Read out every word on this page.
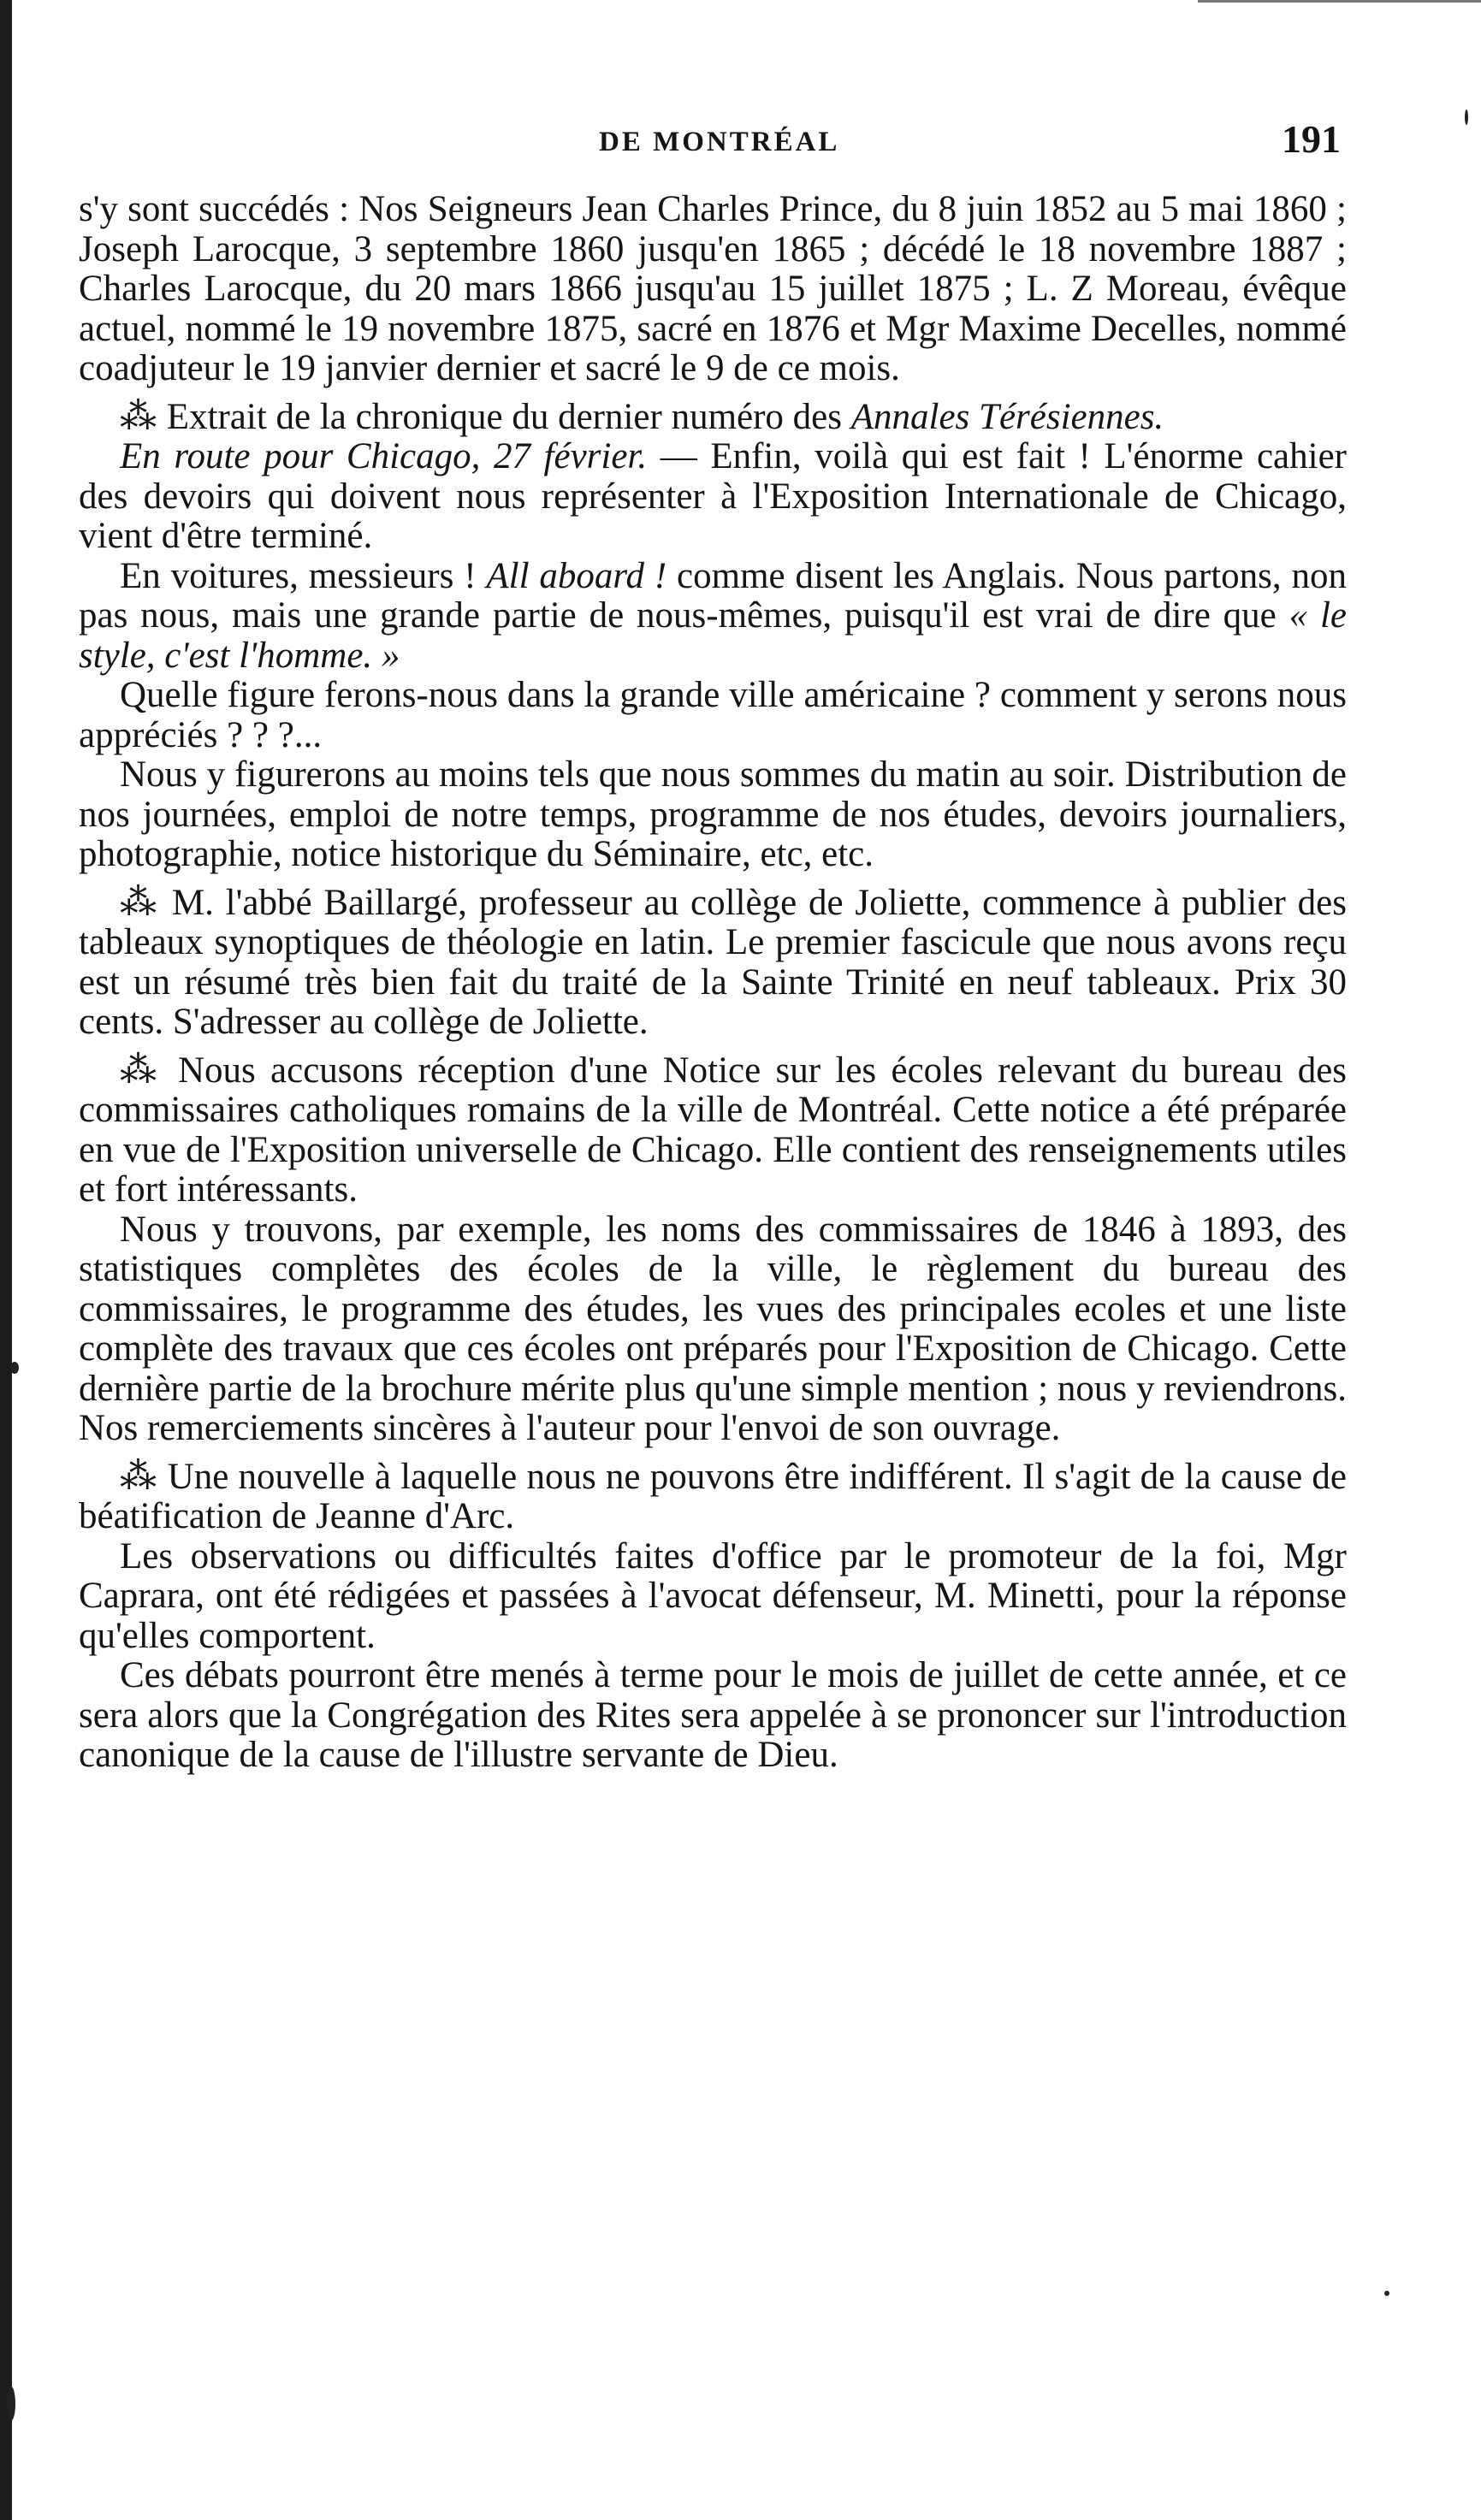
DE MONTRÉAL	191

s'y sont succédés : Nos Seigneurs Jean Charles Prince, du 8 juin 1852 au 5 mai 1860 ; Joseph Larocque, 3 septembre 1860 jusqu'en 1865 ; décédé le 18 novembre 1887 ; Charles Larocque, du 20 mars 1866 jusqu'au 15 juillet 1875 ; L. Z Moreau, évêque actuel, nommé le 19 novembre 1875, sacré en 1876 et Mgr Maxime Decelles, nommé coadjuteur le 19 janvier dernier et sacré le 9 de ce mois.

⁂ Extrait de la chronique du dernier numéro des Annales Térésiennes.

En route pour Chicago, 27 février. — Enfin, voilà qui est fait ! L'énorme cahier des devoirs qui doivent nous représenter à l'Exposition Internationale de Chicago, vient d'être terminé.

En voitures, messieurs ! All aboard ! comme disent les Anglais. Nous partons, non pas nous, mais une grande partie de nous-mêmes, puisqu'il est vrai de dire que « le style, c'est l'homme. »

Quelle figure ferons-nous dans la grande ville américaine ? comment y serons nous appréciés ? ? ?...

Nous y figurerons au moins tels que nous sommes du matin au soir. Distribution de nos journées, emploi de notre temps, programme de nos études, devoirs journaliers, photographie, notice historique du Séminaire, etc, etc.

⁂ M. l'abbé Baillargé, professeur au collège de Joliette, commence à publier des tableaux synoptiques de théologie en latin. Le premier fascicule que nous avons reçu est un résumé très bien fait du traité de la Sainte Trinité en neuf tableaux. Prix 30 cents. S'adresser au collège de Joliette.

⁂ Nous accusons réception d'une Notice sur les écoles relevant du bureau des commissaires catholiques romains de la ville de Montréal. Cette notice a été préparée en vue de l'Exposition universelle de Chicago. Elle contient des renseignements utiles et fort intéressants.

Nous y trouvons, par exemple, les noms des commissaires de 1846 à 1893, des statistiques complètes des écoles de la ville, le règlement du bureau des commissaires, le programme des études, les vues des principales ecoles et une liste complète des travaux que ces écoles ont préparés pour l'Exposition de Chicago. Cette dernière partie de la brochure mérite plus qu'une simple mention ; nous y reviendrons. Nos remerciements sincères à l'auteur pour l'envoi de son ouvrage.

⁂ Une nouvelle à laquelle nous ne pouvons être indifférent. Il s'agit de la cause de béatification de Jeanne d'Arc.

Les observations ou difficultés faites d'office par le promoteur de la foi, Mgr Caprara, ont été rédigées et passées à l'avocat défenseur, M. Minetti, pour la réponse qu'elles comportent.

Ces débats pourront être menés à terme pour le mois de juillet de cette année, et ce sera alors que la Congrégation des Rites sera appelée à se prononcer sur l'introduction canonique de la cause de l'illustre servante de Dieu.
